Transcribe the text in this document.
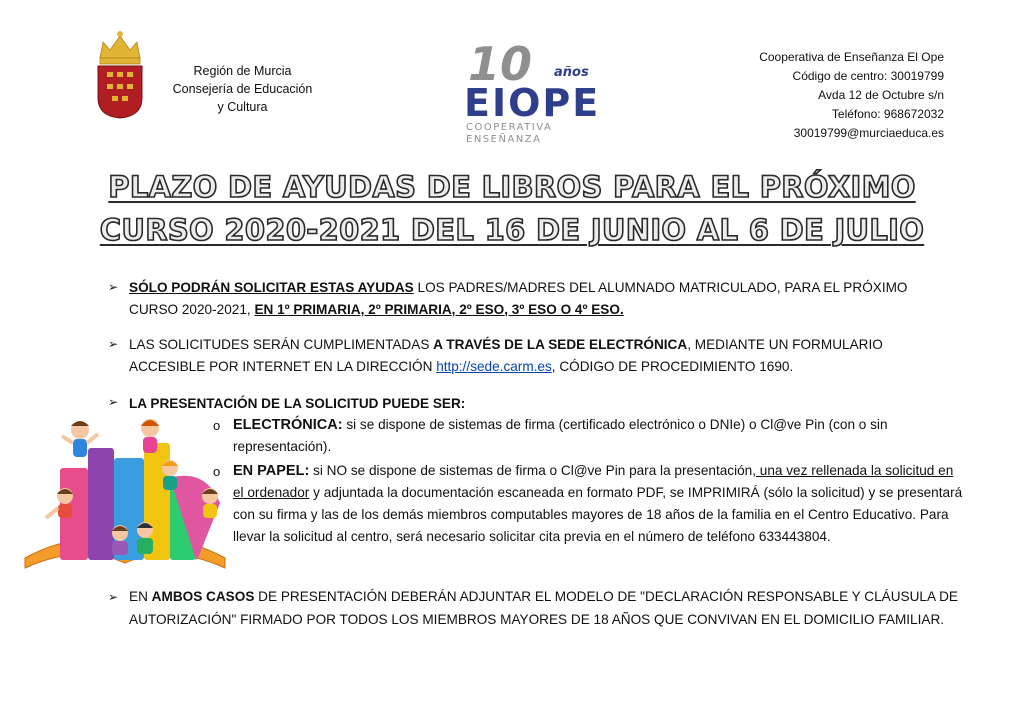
Región de Murcia
Consejería de Educación
y Cultura
10 años
EIOPE
COOPERATIVA
ENSEÑANZA
Cooperativa de Enseñanza El Ope
Código de centro: 30019799
Avda 12 de Octubre s/n
Teléfono: 968672032
30019799@murciaeduca.es
PLAZO DE AYUDAS DE LIBROS PARA EL PRÓXIMO
CURSO 2020-2021 DEL 16 DE JUNIO AL 6 DE JULIO
➢ SÓLO PODRÁN SOLICITAR ESTAS AYUDAS LOS PADRES/MADRES DEL ALUMNADO MATRICULADO, PARA EL PRÓXIMO CURSO 2020-2021, EN 1º PRIMARIA, 2º PRIMARIA, 2º ESO, 3º ESO O 4º ESO.
➢ LAS SOLICITUDES SERÁN CUMPLIMENTADAS A TRAVÉS DE LA SEDE ELECTRÓNICA, MEDIANTE UN FORMULARIO ACCESIBLE POR INTERNET EN LA DIRECCIÓN http://sede.carm.es, CÓDIGO DE PROCEDIMIENTO 1690.
➢ LA PRESENTACIÓN DE LA SOLICITUD PUEDE SER:
o ELECTRÓNICA: si se dispone de sistemas de firma (certificado electrónico o DNIe) o Cl@ve Pin (con o sin representación).
o EN PAPEL: si NO se dispone de sistemas de firma o Cl@ve Pin para la presentación, una vez rellenada la solicitud en el ordenador y adjuntada la documentación escaneada en formato PDF, se IMPRIMIRÁ (sólo la solicitud) y se presentará con su firma y las de los demás miembros computables mayores de 18 años de la familia en el Centro Educativo. Para llevar la solicitud al centro, será necesario solicitar cita previa en el número de teléfono 633443804.
➢ EN AMBOS CASOS DE PRESENTACIÓN DEBERÁN ADJUNTAR EL MODELO DE "DECLARACIÓN RESPONSABLE Y CLÁUSULA DE AUTORIZACIÓN" FIRMADO POR TODOS LOS MIEMBROS MAYORES DE 18 AÑOS QUE CONVIVAN EN EL DOMICILIO FAMILIAR.
